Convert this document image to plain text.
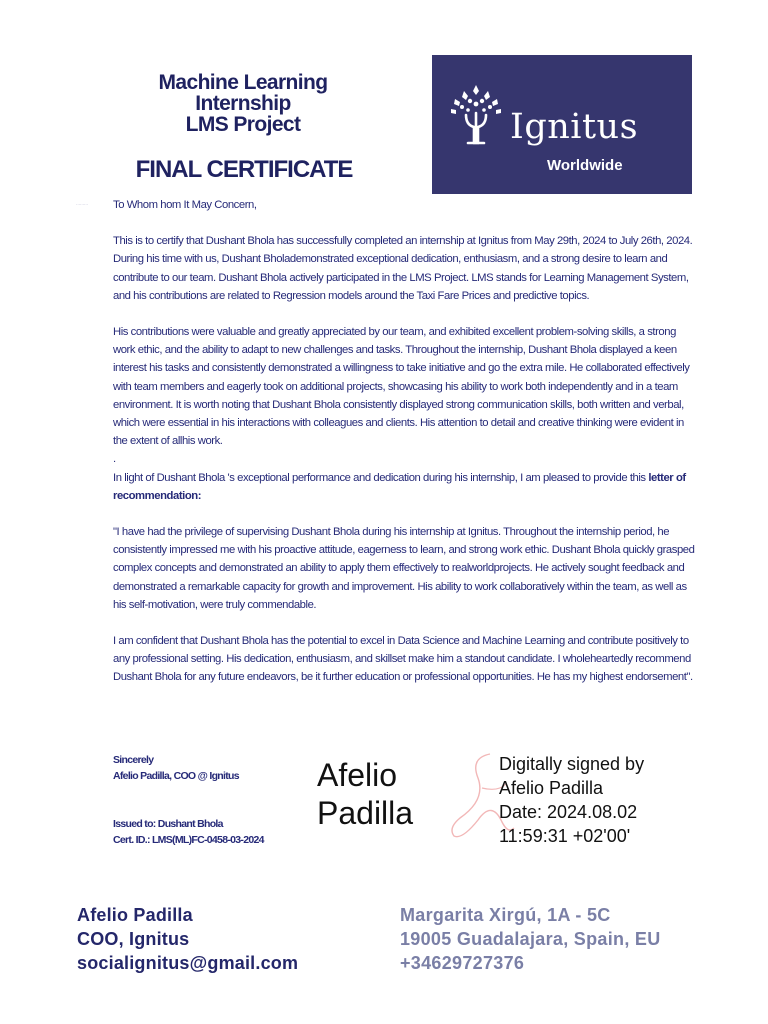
Machine Learning
Internship
LMS Project
FINAL CERTIFICATE
Ignitus
Worldwide
········· To Whom hom It May Concern,

This is to certify that Dushant Bhola has successfully completed an internship at Ignitus from May 29th, 2024 to July 26th, 2024. During his time with us, Dushant Bholademonstrated exceptional dedication, enthusiasm, and a strong desire to learn and contribute to our team. Dushant Bhola actively participated in the LMS Project. LMS stands for Learning Management System, and his contributions are related to Regression models around the Taxi Fare Prices and predictive topics.

His contributions were valuable and greatly appreciated by our team, and exhibited excellent problem-solving skills, a strong work ethic, and the ability to adapt to new challenges and tasks. Throughout the internship, Dushant Bhola displayed a keen interest his tasks and consistently demonstrated a willingness to take initiative and go the extra mile. He collaborated effectively with team members and eagerly took on additional projects, showcasing his ability to work both independently and in a team environment. It is worth noting that Dushant Bhola consistently displayed strong communication skills, both written and verbal, which were essential in his interactions with colleagues and clients. His attention to detail and creative thinking were evident in the extent of allhis work.

.

In light of Dushant Bhola 's exceptional performance and dedication during his internship, I am pleased to provide this letter of recommendation:

"I have had the privilege of supervising Dushant Bhola during his internship at Ignitus. Throughout the internship period, he consistently impressed me with his proactive attitude, eagerness to learn, and strong work ethic. Dushant Bhola quickly grasped complex concepts and demonstrated an ability to apply them effectively to realworldprojects. He actively sought feedback and demonstrated a remarkable capacity for growth and improvement. His ability to work collaboratively within the team, as well as his self-motivation, were truly commendable.

I am confident that Dushant Bhola has the potential to excel in Data Science and Machine Learning and contribute positively to any professional setting. His dedication, enthusiasm, and skillset make him a standout candidate. I wholeheartedly recommend Dushant Bhola for any future endeavors, be it further education or professional opportunities. He has my highest endorsement".

Sincerely
Afelio Padilla, COO @ Ignitus
Issued to: Dushant Bhola
Cert. ID.: LMS(ML)FC-0458-03-2024
Afelio
Padilla
Digitally signed by
Afelio Padilla
Date: 2024.08.02
11:59:31 +02'00'
Afelio Padilla
COO, Ignitus
socialignitus@gmail.com
Margarita Xirgú, 1A - 5C
19005 Guadalajara, Spain, EU
+34629727376
